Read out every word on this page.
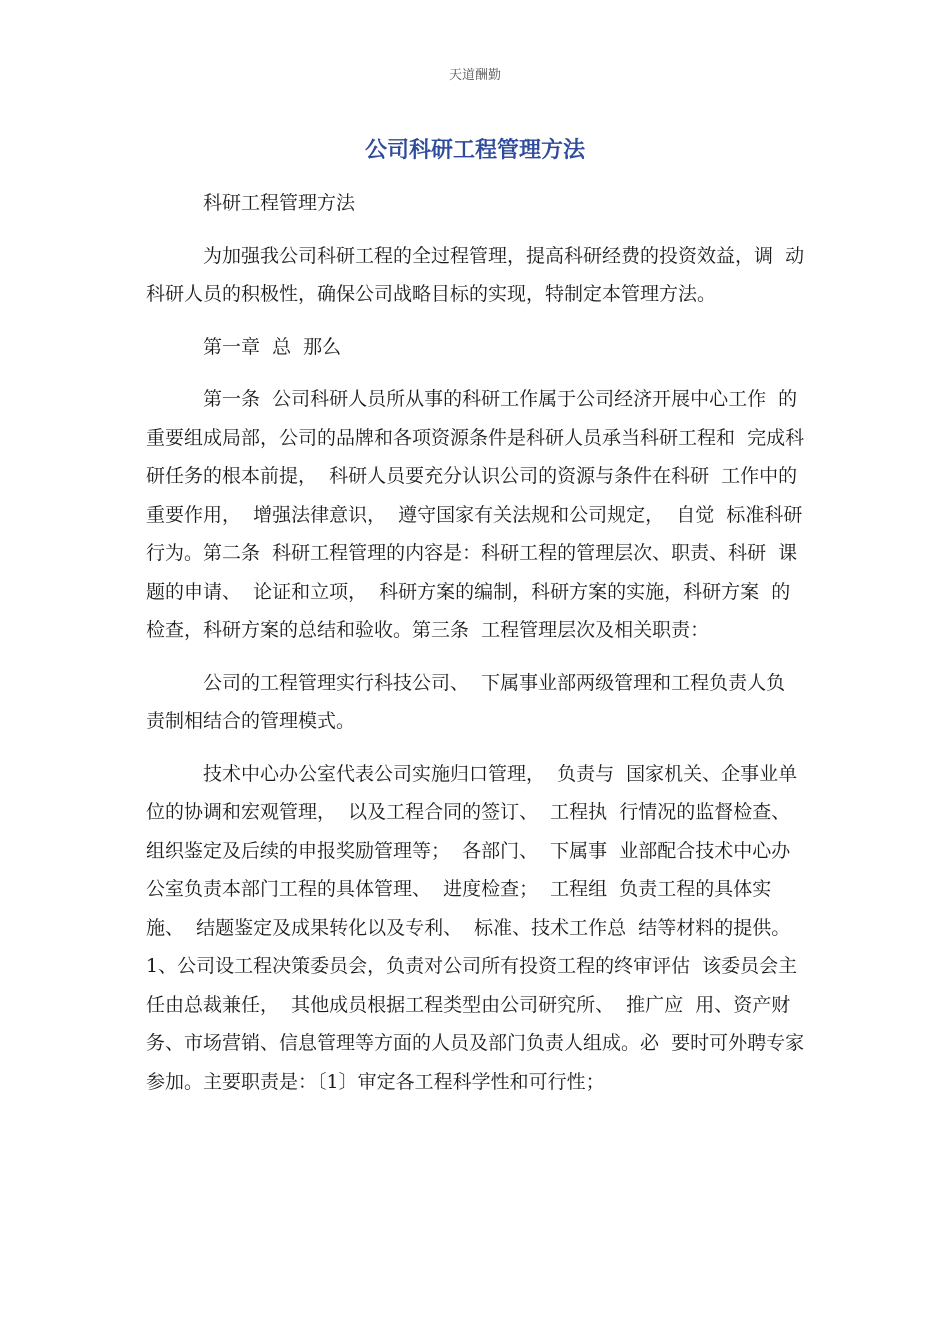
天道酬勤
公司科研工程管理方法

科研工程管理方法

为加强我公司科研工程的全过程管理，提高科研经费的投资效益，调  动科研人员的积极性，确保公司战略目标的实现，特制定本管理方法。

第一章  总  那么

第一条  公司科研人员所从事的科研工作属于公司经济开展中心工作  的重要组成局部，公司的品牌和各项资源条件是科研人员承当科研工程和  完成科研任务的根本前提，  科研人员要充分认识公司的资源与条件在科研  工作中的重要作用，  增强法律意识，  遵守国家有关法规和公司规定，  自觉  标准科研行为。第二条  科研工程管理的内容是：科研工程的管理层次、职责、科研  课题的申请、  论证和立项，  科研方案的编制，科研方案的实施，科研方案  的检查，科研方案的总结和验收。第三条  工程管理层次及相关职责：

公司的工程管理实行科技公司、  下属事业部两级管理和工程负责人负  责制相结合的管理模式。

技术中心办公室代表公司实施归口管理，  负责与  国家机关、企事业单位的协调和宏观管理，  以及工程合同的签订、  工程执  行情况的监督检查、  组织鉴定及后续的申报奖励管理等；  各部门、  下属事  业部配合技术中心办公室负责本部门工程的具体管理、  进度检查；  工程组  负责工程的具体实施、  结题鉴定及成果转化以及专利、  标准、技术工作总  结等材料的提供。1、公司设工程决策委员会，负责对公司所有投资工程的终审评估  该委员会主任由总裁兼任，  其他成员根据工程类型由公司研究所、  推广应  用、资产财务、市场营销、信息管理等方面的人员及部门负责人组成。必  要时可外聘专家参加。主要职责是：〔1〕审定各工程科学性和可行性；
